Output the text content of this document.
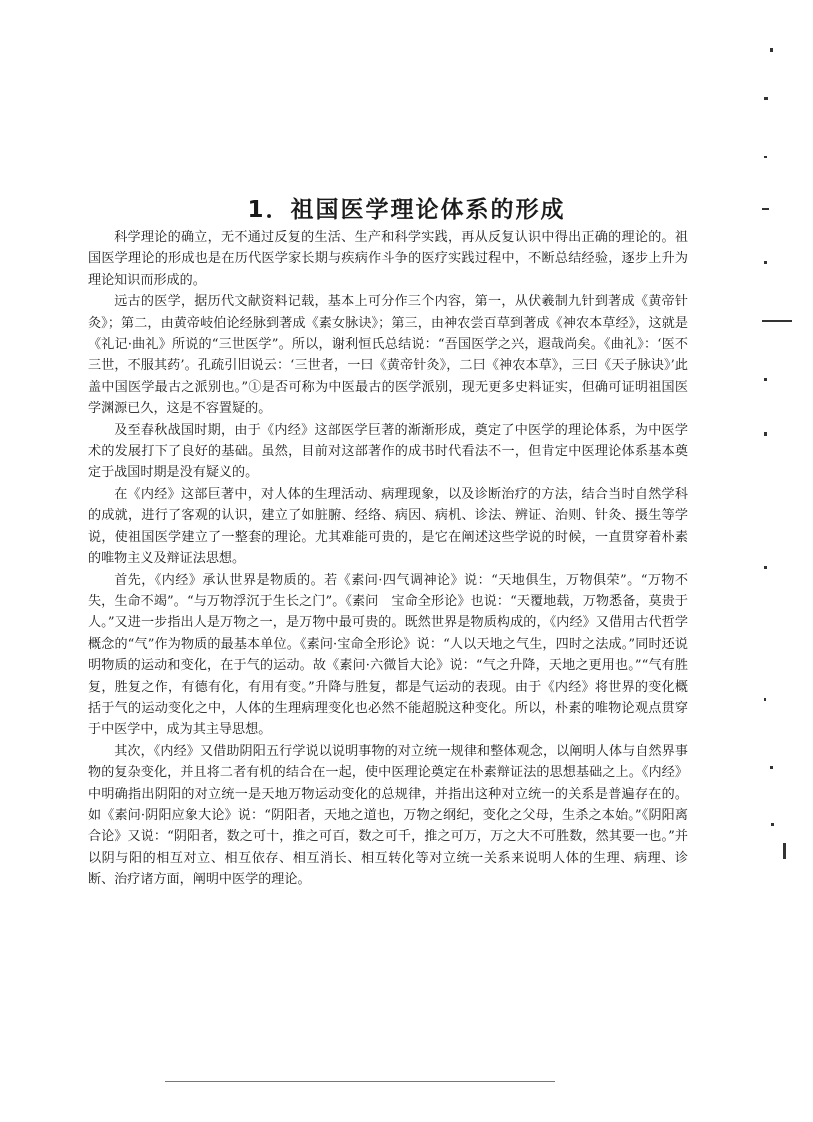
1．祖国医学理论体系的形成

科学理论的确立，无不通过反复的生活、生产和科学实践，再从反复认识中得出正确的理论的。祖国医学理论的形成也是在历代医学家长期与疾病作斗争的医疗实践过程中，不断总结经验，逐步上升为理论知识而形成的。

远古的医学，据历代文献资料记载，基本上可分作三个内容，第一，从伏羲制九针到著成《黄帝针灸》；第二，由黄帝岐伯论经脉到著成《素女脉诀》；第三，由神农尝百草到著成《神农本草经》，这就是《礼记·曲礼》所说的“三世医学”。所以，谢利恒氏总结说：“吾国医学之兴，遐哉尚矣。《曲礼》：‘医不三世，不服其药’。孔疏引旧说云：‘三世者，一曰《黄帝针灸》，二曰《神农本草》，三曰《天子脉诀》’此盖中国医学最古之派别也。”①是否可称为中医最古的医学派别，现无更多史料证实，但确可证明祖国医学渊源已久，这是不容置疑的。

及至春秋战国时期，由于《内经》这部医学巨著的渐渐形成，奠定了中医学的理论体系，为中医学术的发展打下了良好的基础。虽然，目前对这部著作的成书时代看法不一，但肯定中医理论体系基本奠定于战国时期是没有疑义的。

在《内经》这部巨著中，对人体的生理活动、病理现象，以及诊断治疗的方法，结合当时自然学科的成就，进行了客观的认识，建立了如脏腑、经络、病因、病机、诊法、辨证、治则、针灸、摄生等学说，使祖国医学建立了一整套的理论。尤其难能可贵的，是它在阐述这些学说的时候，一直贯穿着朴素的唯物主义及辩证法思想。

首先，《内经》承认世界是物质的。若《素问·四气调神论》说：“天地俱生，万物俱荣”。“万物不失，生命不竭”。“与万物浮沉于生长之门”。《素问　宝命全形论》也说：“天覆地载，万物悉备，莫贵于人。”又进一步指出人是万物之一，是万物中最可贵的。既然世界是物质构成的，《内经》又借用古代哲学概念的“气”作为物质的最基本单位。《素问·宝命全形论》说：“人以天地之气生，四时之法成。”同时还说明物质的运动和变化，在于气的运动。故《素问·六微旨大论》说：“气之升降，天地之更用也。”“气有胜复，胜复之作，有德有化，有用有变。”升降与胜复，都是气运动的表现。由于《内经》将世界的变化概括于气的运动变化之中，人体的生理病理变化也必然不能超脱这种变化。所以，朴素的唯物论观点贯穿于中医学中，成为其主导思想。

其次，《内经》又借助阴阳五行学说以说明事物的对立统一规律和整体观念，以阐明人体与自然界事物的复杂变化，并且将二者有机的结合在一起，使中医理论奠定在朴素辩证法的思想基础之上。《内经》中明确指出阴阳的对立统一是天地万物运动变化的总规律，并指出这种对立统一的关系是普遍存在的。如《素问·阴阳应象大论》说：“阴阳者，天地之道也，万物之纲纪，变化之父母，生杀之本始。”《阴阳离合论》又说：“阴阳者，数之可十，推之可百，数之可千，推之可万，万之大不可胜数，然其要一也。”并以阴与阳的相互对立、相互依存、相互消长、相互转化等对立统一关系来说明人体的生理、病理、诊断、治疗诸方面，阐明中医学的理论。
